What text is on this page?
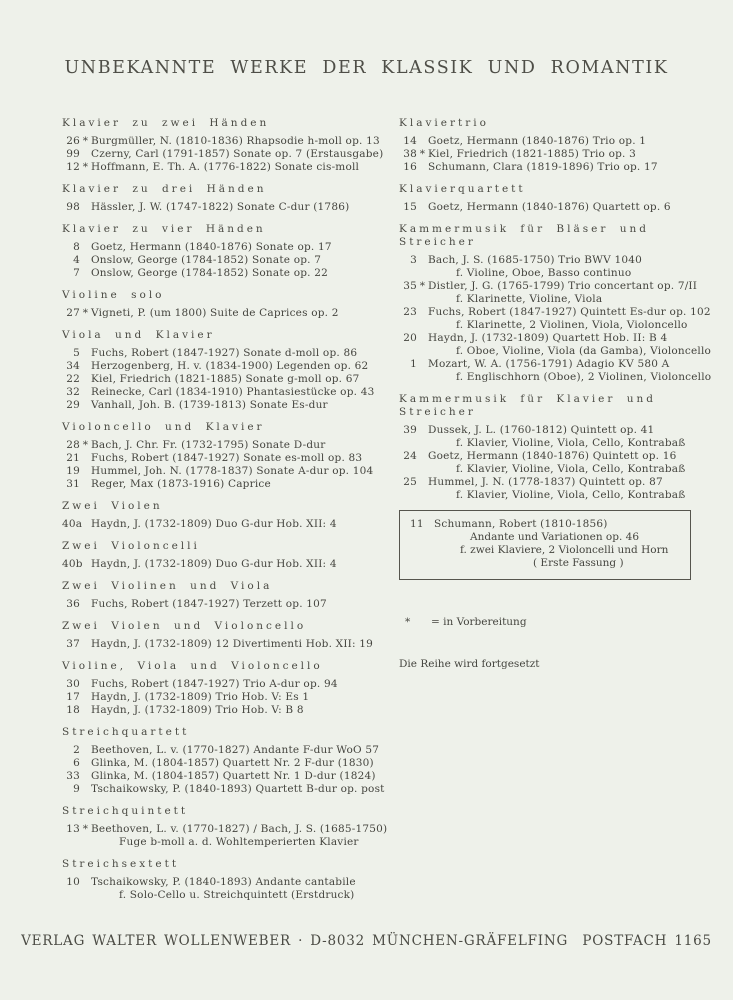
UNBEKANNTE WERKE DER KLASSIK UND ROMANTIK
Klavier zu zwei Händen
26 * Burgmüller, N. (1810-1836) Rhapsodie h-moll op. 13
99 Czerny, Carl (1791-1857) Sonate op. 7 (Erstausgabe)
12 * Hoffmann, E. Th. A. (1776-1822) Sonate cis-moll
Klavier zu drei Händen
98 Hässler, J. W. (1747-1822) Sonate C-dur (1786)
Klavier zu vier Händen
8 Goetz, Hermann (1840-1876) Sonate op. 17
4 Onslow, George (1784-1852) Sonate op. 7
7 Onslow, George (1784-1852) Sonate op. 22
Violine solo
27 * Vigneti, P. (um 1800) Suite de Caprices op. 2
Viola und Klavier
5 Fuchs, Robert (1847-1927) Sonate d-moll op. 86
34 Herzogenberg, H. v. (1834-1900) Legenden op. 62
22 Kiel, Friedrich (1821-1885) Sonate g-moll op. 67
32 Reinecke, Carl (1834-1910) Phantasiestücke op. 43
29 Vanhall, Joh. B. (1739-1813) Sonate Es-dur
Violoncello und Klavier
28 * Bach, J. Chr. Fr. (1732-1795) Sonate D-dur
21 Fuchs, Robert (1847-1927) Sonate es-moll op. 83
19 Hummel, Joh. N. (1778-1837) Sonate A-dur op. 104
31 Reger, Max (1873-1916) Caprice
Zwei Violen
40a Haydn, J. (1732-1809) Duo G-dur Hob. XII: 4
Zwei Violoncelli
40b Haydn, J. (1732-1809) Duo G-dur Hob. XII: 4
Zwei Violinen und Viola
36 Fuchs, Robert (1847-1927) Terzett op. 107
Zwei Violen und Violoncello
37 Haydn, J. (1732-1809) 12 Divertimenti Hob. XII: 19
Violine, Viola und Violoncello
30 Fuchs, Robert (1847-1927) Trio A-dur op. 94
17 Haydn, J. (1732-1809) Trio Hob. V: Es 1
18 Haydn, J. (1732-1809) Trio Hob. V: B 8
Streichquartett
2 Beethoven, L. v. (1770-1827) Andante F-dur WoO 57
6 Glinka, M. (1804-1857) Quartett Nr. 2 F-dur (1830)
33 Glinka, M. (1804-1857) Quartett Nr. 1 D-dur (1824)
9 Tschaikowsky, P. (1840-1893) Quartett B-dur op. post
Streichquintett
13 * Beethoven, L. v. (1770-1827) / Bach, J. S. (1685-1750)
Fuge b-moll a. d. Wohltemperierten Klavier
Streichsextett
10 Tschaikowsky, P. (1840-1893) Andante cantabile
f. Solo-Cello u. Streichquintett (Erstdruck)
Klaviertrio
14 Goetz, Hermann (1840-1876) Trio op. 1
38 * Kiel, Friedrich (1821-1885) Trio op. 3
16 Schumann, Clara (1819-1896) Trio op. 17
Klavierquartett
15 Goetz, Hermann (1840-1876) Quartett op. 6
Kammermusik für Bläser und Streicher
3 Bach, J. S. (1685-1750) Trio BWV 1040
f. Violine, Oboe, Basso continuo
35 * Distler, J. G. (1765-1799) Trio concertant op. 7/II
f. Klarinette, Violine, Viola
23 Fuchs, Robert (1847-1927) Quintett Es-dur op. 102
f. Klarinette, 2 Violinen, Viola, Violoncello
20 Haydn, J. (1732-1809) Quartett Hob. II: B 4
f. Oboe, Violine, Viola (da Gamba), Violoncello
1 Mozart, W. A. (1756-1791) Adagio KV 580 A
f. Englischhorn (Oboe), 2 Violinen, Violoncello
Kammermusik für Klavier und Streicher
39 Dussek, J. L. (1760-1812) Quintett op. 41
f. Klavier, Violine, Viola, Cello, Kontrabaß
24 Goetz, Hermann (1840-1876) Quintett op. 16
f. Klavier, Violine, Viola, Cello, Kontrabaß
25 Hummel, J. N. (1778-1837) Quintett op. 87
f. Klavier, Violine, Viola, Cello, Kontrabaß
11 Schumann, Robert (1810-1856)
Andante und Variationen op. 46
f. zwei Klaviere, 2 Violoncelli und Horn
( Erste Fassung )
*	= in Vorbereitung
Die Reihe wird fortgesetzt
VERLAG WALTER WOLLENWEBER · D-8032 MÜNCHEN-GRÄFELFING POSTFACH 1165
